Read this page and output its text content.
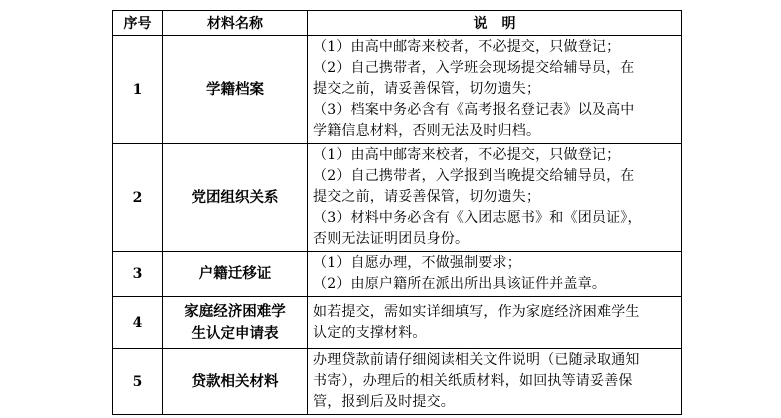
序号	材料名称	说　明
1	学籍档案	（1）由高中邮寄来校者，不必提交，只做登记；
（2）自己携带者，入学班会现场提交给辅导员，在
提交之前，请妥善保管，切勿遗失；
（3）档案中务必含有《高考报名登记表》以及高中
学籍信息材料，否则无法及时归档。

2	党团组织关系	（1）由高中邮寄来校者，不必提交，只做登记；
（2）自己携带者，入学报到当晚提交给辅导员，在
提交之前，请妥善保管，切勿遗失；
（3）材料中务必含有《入团志愿书》和《团员证》，
否则无法证明团员身份。

3	户籍迁移证	（1）自愿办理，不做强制要求；
（2）由原户籍所在派出所出具该证件并盖章。

4	家庭经济困难学
生认定申请表	如若提交，需如实详细填写，作为家庭经济困难学生
认定的支撑材料。

5	贷款相关材料	办理贷款前请仔细阅读相关文件说明（已随录取通知
书寄），办理后的相关纸质材料，如回执等请妥善保
管，报到后及时提交。
